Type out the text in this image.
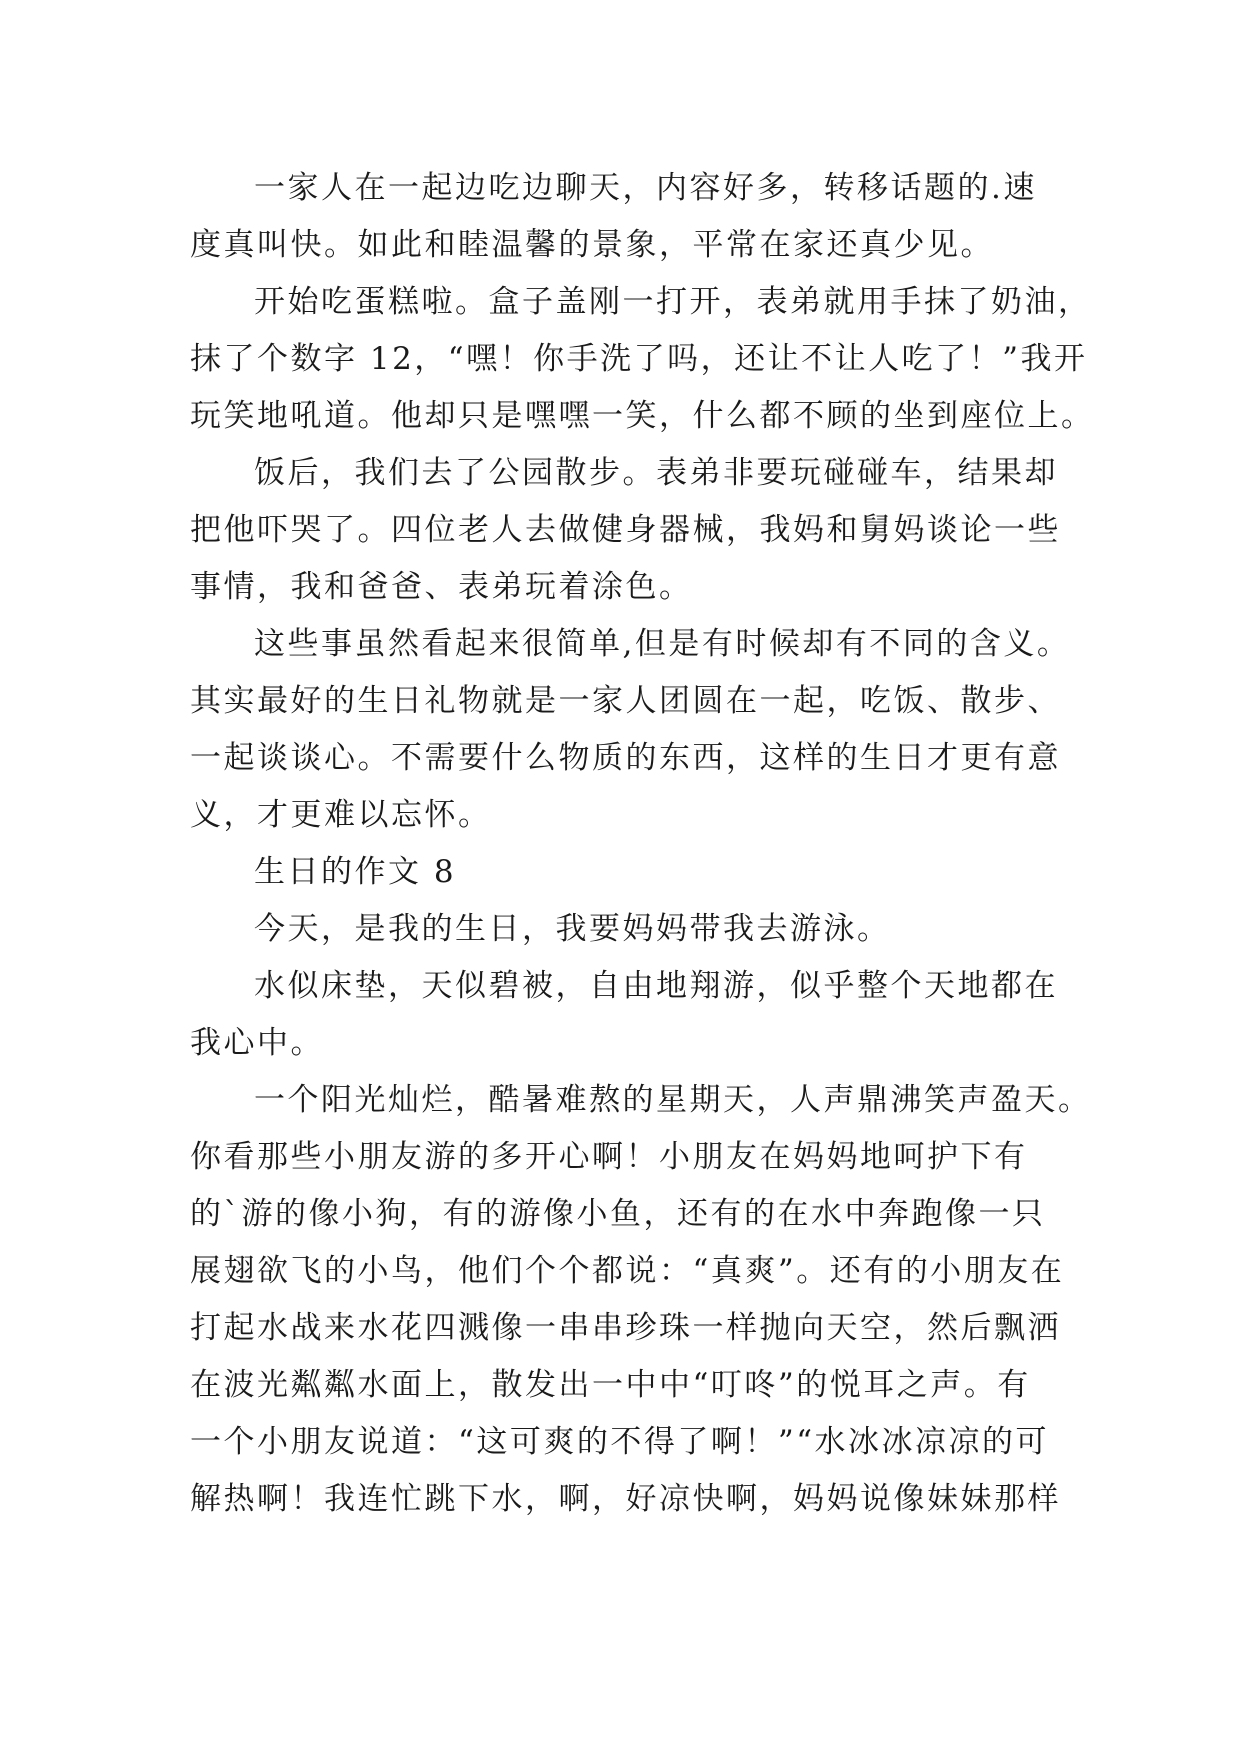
一家人在一起边吃边聊天，内容好多，转移话题的.速
度真叫快。如此和睦温馨的景象，平常在家还真少见。
开始吃蛋糕啦。盒子盖刚一打开，表弟就用手抹了奶油，
抹了个数字 12，“嘿！你手洗了吗，还让不让人吃了！”我开
玩笑地吼道。他却只是嘿嘿一笑，什么都不顾的坐到座位上。
饭后，我们去了公园散步。表弟非要玩碰碰车，结果却
把他吓哭了。四位老人去做健身器械，我妈和舅妈谈论一些
事情，我和爸爸、表弟玩着涂色。
这些事虽然看起来很简单,但是有时候却有不同的含义。
其实最好的生日礼物就是一家人团圆在一起，吃饭、散步、
一起谈谈心。不需要什么物质的东西，这样的生日才更有意
义，才更难以忘怀。
生日的作文 8
今天，是我的生日，我要妈妈带我去游泳。
水似床垫，天似碧被，自由地翔游，似乎整个天地都在
我心中。
一个阳光灿烂，酷暑难熬的星期天，人声鼎沸笑声盈天。
你看那些小朋友游的多开心啊！小朋友在妈妈地呵护下有
的`游的像小狗，有的游像小鱼，还有的在水中奔跑像一只
展翅欲飞的小鸟，他们个个都说：“真爽”。还有的小朋友在
打起水战来水花四溅像一串串珍珠一样抛向天空，然后飘洒
在波光粼粼水面上，散发出一中中“叮咚”的悦耳之声。有
一个小朋友说道：“这可爽的不得了啊！”“水冰冰凉凉的可
解热啊！我连忙跳下水，啊，好凉快啊，妈妈说像妹妹那样
